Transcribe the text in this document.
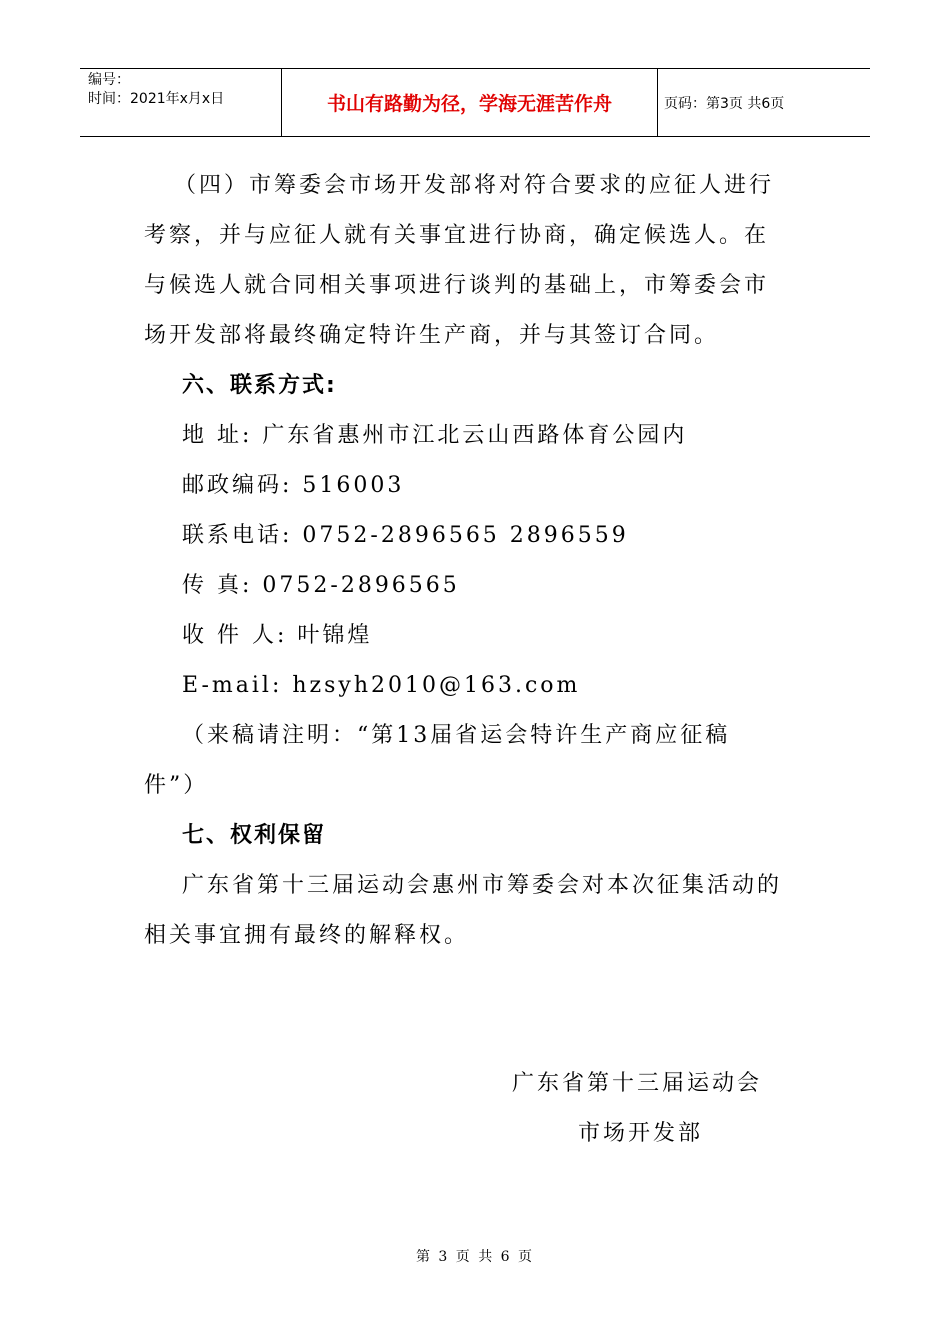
编号：
时间：2021年x月x日	书山有路勤为径，学海无涯苦作舟	页码：第3页 共6页
（四）市筹委会市场开发部将对符合要求的应征人进行
考察，并与应征人就有关事宜进行协商，确定候选人。在
与候选人就合同相关事项进行谈判的基础上，市筹委会市
场开发部将最终确定特许生产商，并与其签订合同。
六、联系方式:
地 址: 广东省惠州市江北云山西路体育公园内
邮政编码: 516003
联系电话: 0752-2896565 2896559
传 真: 0752-2896565
收 件 人: 叶锦煌
E-mail: hzsyh2010@163.com
（来稿请注明：“第13届省运会特许生产商应征稿
件”）
七、权利保留
广东省第十三届运动会惠州市筹委会对本次征集活动的
相关事宜拥有最终的解释权。
广东省第十三届运动会
市场开发部
第 3 页 共 6 页
